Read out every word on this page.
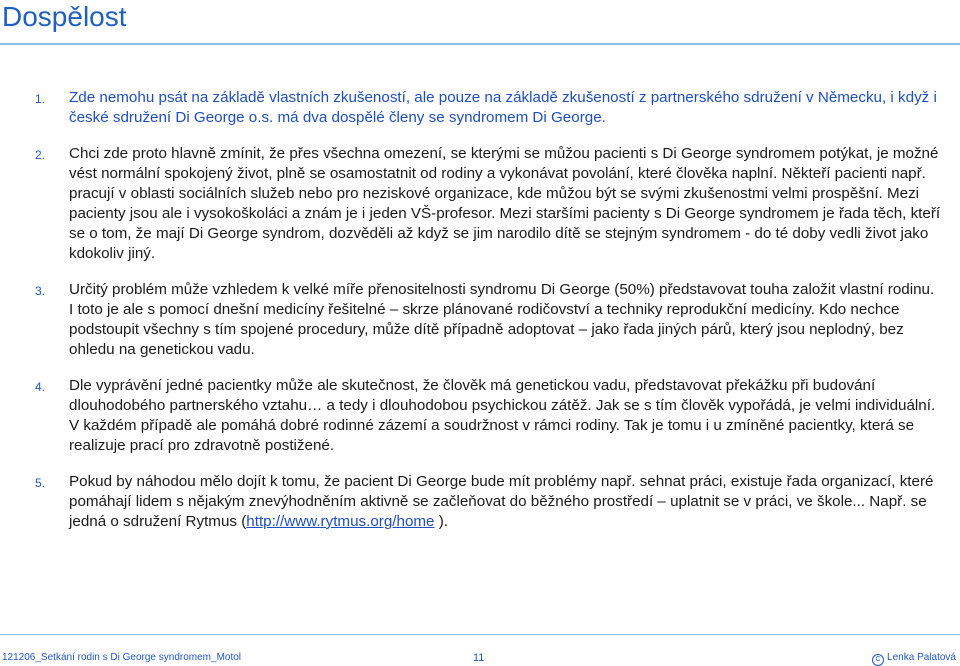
Dospělost
1. Zde nemohu psát na základě vlastních zkušeností, ale pouze na základě zkušeností z partnerského sdružení v Německu, i když i české sdružení Di George o.s. má dva dospělé členy se syndromem Di George.
2. Chci zde proto hlavně zmínit, že přes všechna omezení, se kterými se můžou pacienti s Di George syndromem potýkat, je možné vést normální spokojený život, plně se osamostatnit od rodiny a vykonávat povolání, které člověka naplní. Někteří pacienti např. pracují v oblasti sociálních služeb nebo pro neziskové organizace, kde můžou být se svými zkušenostmi velmi prospěšní. Mezi pacienty jsou ale i vysokoškoláci a znám je i jeden VŠ-profesor. Mezi staršími pacienty s Di George syndromem je řada těch, kteří se o tom, že mají Di George syndrom, dozvěděli až když se jim narodilo dítě se stejným syndromem - do té doby vedli život jako kdokoliv jiný.
3. Určitý problém může vzhledem k velké míře přenositelnosti syndromu Di George (50%) představovat touha založit vlastní rodinu. I toto je ale s pomocí dnešní medicíny řešitelné – skrze plánované rodičovství a techniky reprodukční medicíny. Kdo nechce podstoupit všechny s tím spojené procedury, může dítě případně adoptovat – jako řada jiných párů, který jsou neplodný, bez ohledu na genetickou vadu.
4. Dle vyprávění jedné pacientky může ale skutečnost, že člověk má genetickou vadu, představovat překážku při budování dlouhodobého partnerského vztahu… a tedy i dlouhodobou psychickou zátěž. Jak se s tím člověk vypořádá, je velmi individuální. V každém případě ale pomáhá dobré rodinné zázemí a soudržnost v rámci rodiny. Tak je tomu i u zmíněné pacientky, která se realizuje prací pro zdravotně postižené.
5. Pokud by náhodou mělo dojít k tomu, že pacient Di George bude mít problémy např. sehnat práci, existuje řada organizací, které pomáhají lidem s nějakým znevýhodněním aktivně se začleňovat do běžného prostředí – uplatnit se v práci, ve škole... Např. se jedná o sdružení Rytmus (http://www.rytmus.org/home ).
121206_Setkání rodin s Di George syndromem_Motol	11	C Lenka Palatová
